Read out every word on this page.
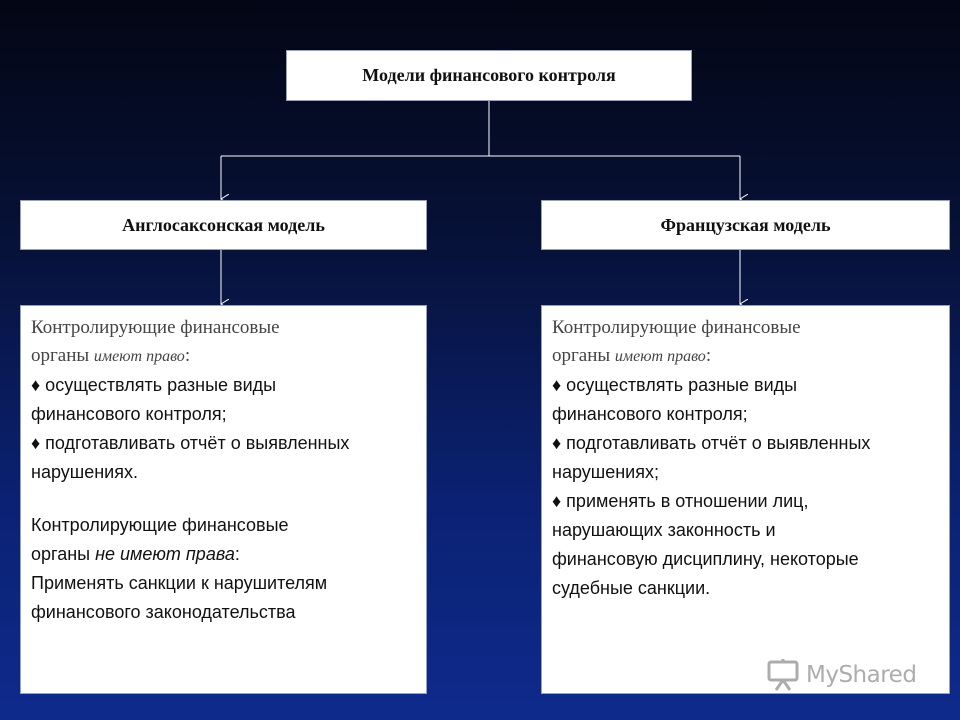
Модели финансового контроля
Англосаксонская модель	Французская модель
Контролирующие финансовые
органы имеют право:
♦ осуществлять разные виды
финансового контроля;
♦ подготавливать отчёт о выявленных
нарушениях.
Контролирующие финансовые
органы не имеют права:
Применять санкции к нарушителям
финансового законодательства
Контролирующие финансовые
органы имеют право:
♦ осуществлять разные виды
финансового контроля;
♦ подготавливать отчёт о выявленных
нарушениях;
♦ применять в отношении лиц,
нарушающих законность и
финансовую дисциплину, некоторые
судебные санкции.
MyShared
